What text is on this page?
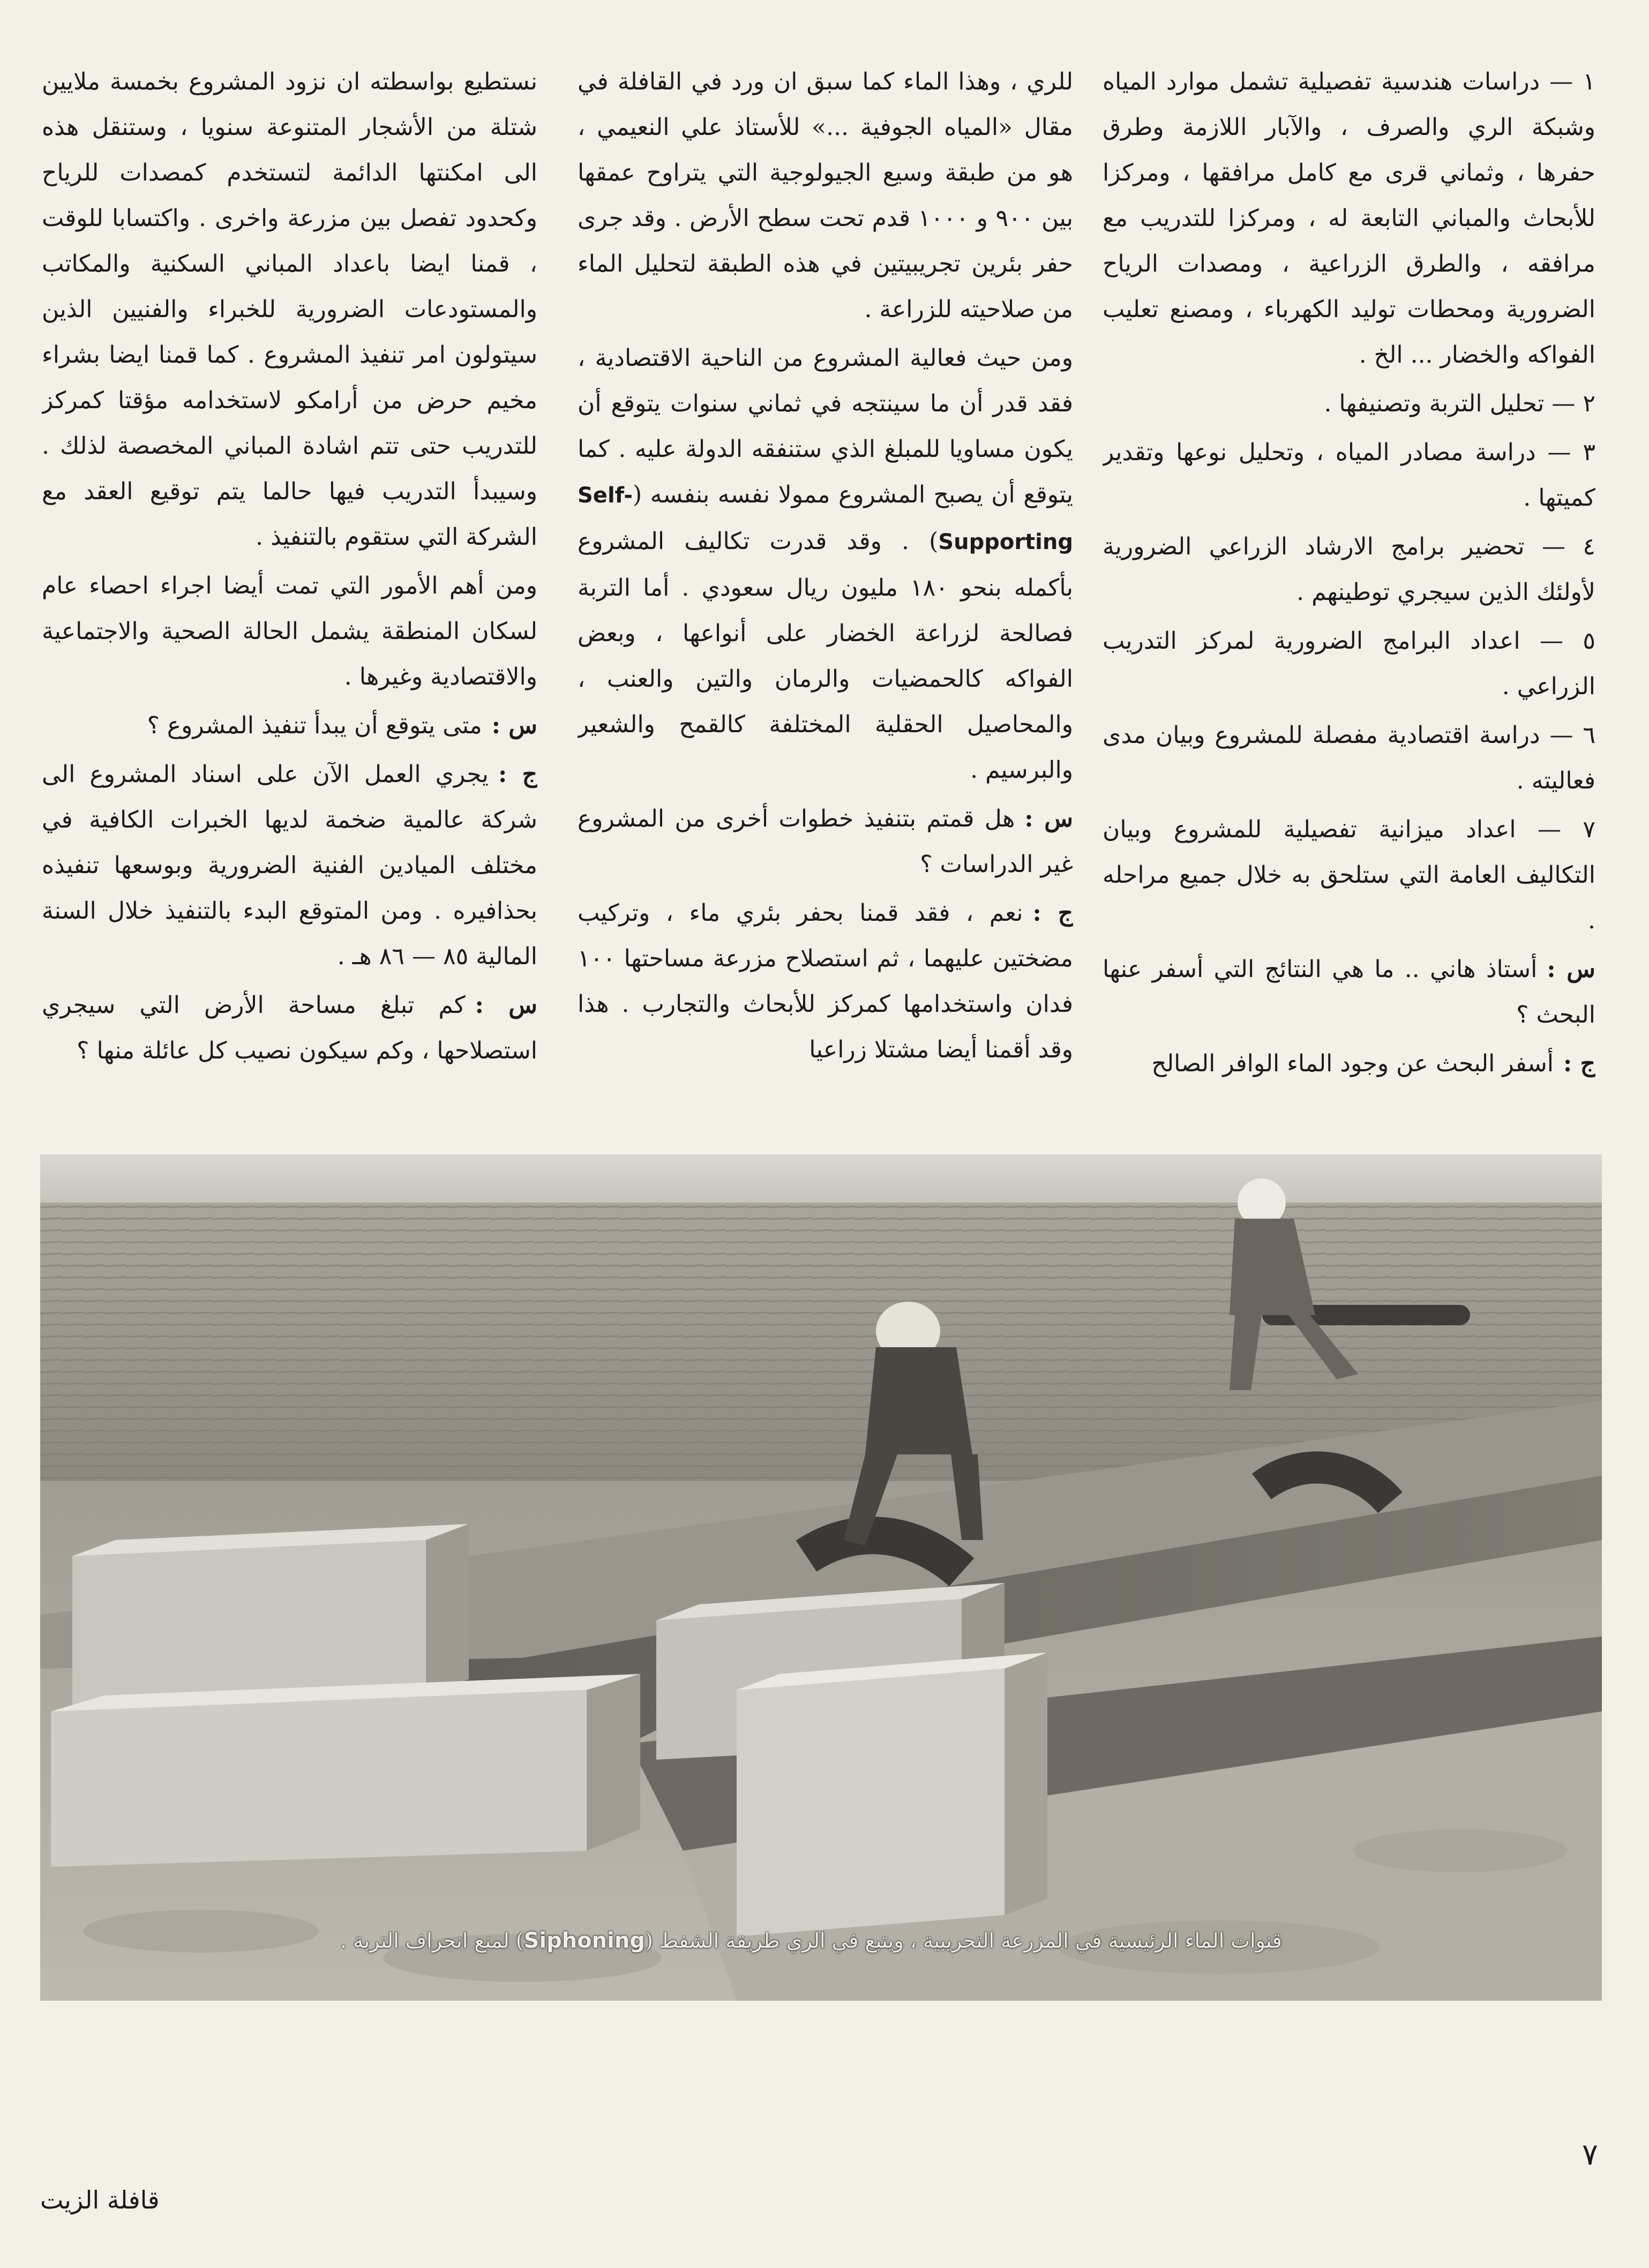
١ — دراسات هندسية تفصيلية تشمل موارد المياه وشبكة الري والصرف ، والآبار اللازمة وطرق حفرها ، وثماني قرى مع كامل مرافقها ، ومركزا للأبحاث والمباني التابعة له ، ومركزا للتدريب مع مرافقه ، والطرق الزراعية ، ومصدات الرياح الضرورية ومحطات توليد الكهرباء ، ومصنع تعليب الفواكه والخضار ... الخ .

٢ — تحليل التربة وتصنيفها .

٣ — دراسة مصادر المياه ، وتحليل نوعها وتقدير كميتها .

٤ — تحضير برامج الارشاد الزراعي الضرورية لأولئك الذين سيجري توطينهم .

٥ — اعداد البرامج الضرورية لمركز التدريب الزراعي .

٦ — دراسة اقتصادية مفصلة للمشروع وبيان مدى فعاليته .

٧ — اعداد ميزانية تفصيلية للمشروع وبيان التكاليف العامة التي ستلحق به خلال جميع مراحله .

س :أستاذ هاني .. ما هي النتائج التي أسفر عنها البحث ؟

ج :أسفر البحث عن وجود الماء الوافر الصالح

للري ، وهذا الماء كما سبق ان ورد في القافلة في مقال «المياه الجوفية ...» للأستاذ علي النعيمي ، هو من طبقة وسيع الجيولوجية التي يتراوح عمقها بين ٩٠٠ و ١٠٠٠ قدم تحت سطح الأرض . وقد جرى حفر بئرين تجريبيتين في هذه الطبقة لتحليل الماء من صلاحيته للزراعة .

ومن حيث فعالية المشروع من الناحية الاقتصادية ، فقد قدر أن ما سينتجه في ثماني سنوات يتوقع أن يكون مساويا للمبلغ الذي ستنفقه الدولة عليه . كما يتوقع أن يصبح المشروع ممولا نفسه بنفسه (Self-Supporting) . وقد قدرت تكاليف المشروع بأكمله بنحو ١٨٠ مليون ريال سعودي . أما التربة فصالحة لزراعة الخضار على أنواعها ، وبعض الفواكه كالحمضيات والرمان والتين والعنب ، والمحاصيل الحقلية المختلفة كالقمح والشعير والبرسيم .

س :هل قمتم بتنفيذ خطوات أخرى من المشروع غير الدراسات ؟

ج :نعم ، فقد قمنا بحفر بئري ماء ، وتركيب مضختين عليهما ، ثم استصلاح مزرعة مساحتها ١٠٠ فدان واستخدامها كمركز للأبحاث والتجارب . هذا وقد أقمنا أيضا مشتلا زراعيا

نستطيع بواسطته ان نزود المشروع بخمسة ملايين شتلة من الأشجار المتنوعة سنويا ، وستنقل هذه الى امكنتها الدائمة لتستخدم كمصدات للرياح وكحدود تفصل بين مزرعة واخرى . واكتسابا للوقت ، قمنا ايضا باعداد المباني السكنية والمكاتب والمستودعات الضرورية للخبراء والفنيين الذين سيتولون امر تنفيذ المشروع . كما قمنا ايضا بشراء مخيم حرض من أرامكو لاستخدامه مؤقتا كمركز للتدريب حتى تتم اشادة المباني المخصصة لذلك . وسيبدأ التدريب فيها حالما يتم توقيع العقد مع الشركة التي ستقوم بالتنفيذ .

ومن أهم الأمور التي تمت أيضا اجراء احصاء عام لسكان المنطقة يشمل الحالة الصحية والاجتماعية والاقتصادية وغيرها .

س :متى يتوقع أن يبدأ تنفيذ المشروع ؟

ج :يجري العمل الآن على اسناد المشروع الى شركة عالمية ضخمة لديها الخبرات الكافية في مختلف الميادين الفنية الضرورية وبوسعها تنفيذه بحذافيره . ومن المتوقع البدء بالتنفيذ خلال السنة المالية ٨٥ — ٨٦ هـ .

س :كم تبلغ مساحة الأرض التي سيجري استصلاحها ، وكم سيكون نصيب كل عائلة منها ؟

قنوات الماء الرئيسية في المزرعة التجريبية ، ويتبع في الري طريقة الشفط (Siphoning) لمنع انجراف التربة .
٧
قافلة الزيت
